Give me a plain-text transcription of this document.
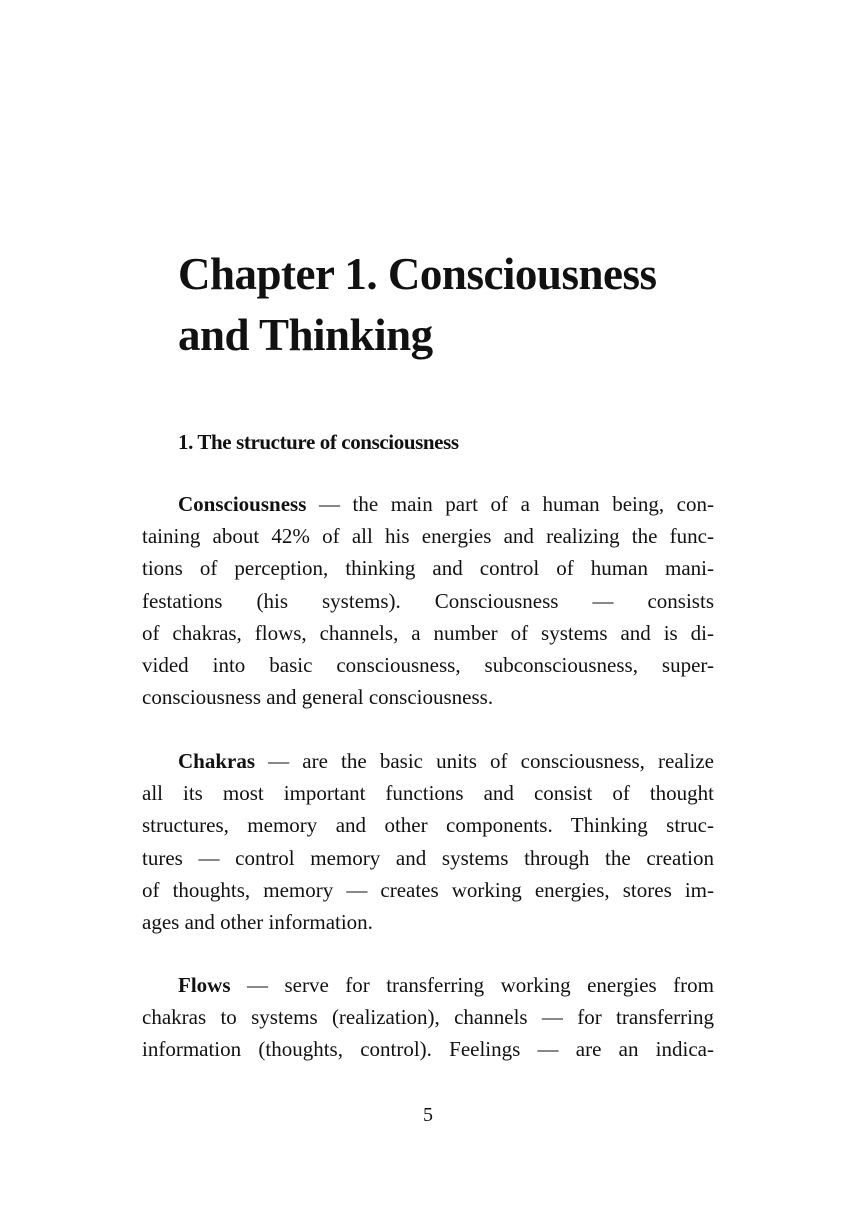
Chapter 1. Consciousness
and Thinking
1. The structure of consciousness
Consciousness — the main part of a human being, con-
taining about 42% of all his energies and realizing the func-
tions of perception, thinking and control of human mani-
festations (his systems). Consciousness — consists
of chakras, flows, channels, a number of systems and is di-
vided into basic consciousness, subconsciousness, super-
consciousness and general consciousness.
Chakras — are the basic units of consciousness, realize
all its most important functions and consist of thought
structures, memory and other components. Thinking struc-
tures — control memory and systems through the creation
of thoughts, memory — creates working energies, stores im-
ages and other information.
Flows — serve for transferring working energies from
chakras to systems (realization), channels — for transferring
information (thoughts, control). Feelings — are an indica-
5
